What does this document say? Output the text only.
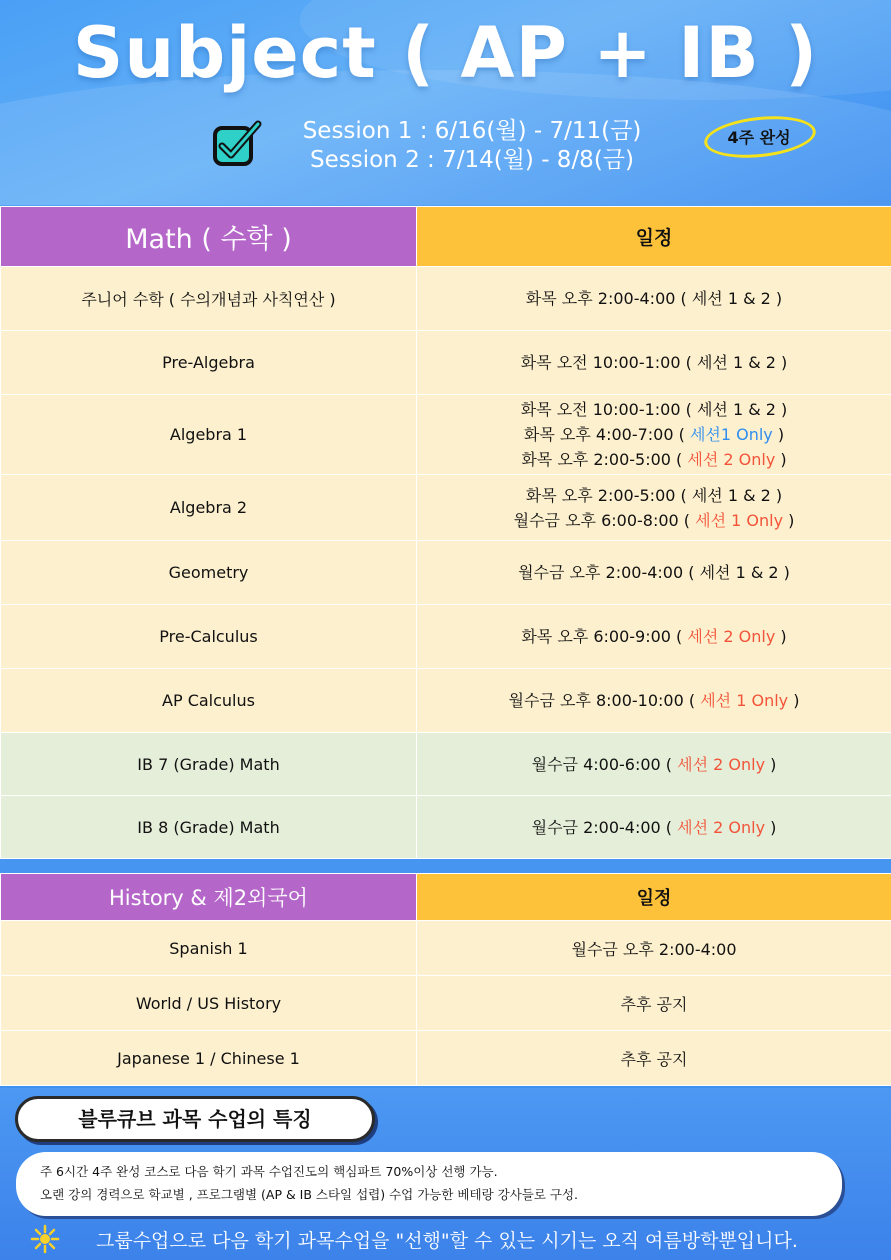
Subject ( AP + IB )
Session 1 : 6/16(월) - 7/11(금)
Session 2 : 7/14(월) - 8/8(금)
4주 완성
Math ( 수학 )	일정
주니어 수학 ( 수의개념과 사칙연산 )	화목 오후 2:00-4:00 ( 세션 1 & 2 )

Pre-Algebra	화목 오전 10:00-1:00 ( 세션 1 & 2 )

Algebra 1	화목 오전 10:00-1:00 ( 세션 1 & 2 )
화목 오후 4:00-7:00 ( 세션1 Only )
화목 오후 2:00-5:00 ( 세션 2 Only )

Algebra 2	화목 오후 2:00-5:00 ( 세션 1 & 2 )
월수금 오후 6:00-8:00 ( 세션 1 Only )

Geometry	월수금 오후 2:00-4:00 ( 세션 1 & 2 )

Pre-Calculus	화목 오후 6:00-9:00 ( 세션 2 Only )

AP Calculus	월수금 오후 8:00-10:00 ( 세션 1 Only )

IB 7 (Grade) Math	월수금 4:00-6:00 ( 세션 2 Only )

IB 8 (Grade) Math	월수금 2:00-4:00 ( 세션 2 Only )
History & 제2외국어	일정
Spanish 1	월수금 오후 2:00-4:00
World / US History	추후 공지
Japanese 1 / Chinese 1	추후 공지
블루큐브 과목 수업의 특징
주 6시간 4주 완성 코스로 다음 학기 과목 수업진도의 핵심파트 70%이상 선행 가능.
오랜 강의 경력으로 학교별 , 프로그램별 (AP & IB 스타일 섭렵) 수업 가능한 베테랑 강사들로 구성.
그룹수업으로 다음 학기 과목수업을 "선행"할 수 있는 시기는 오직 여름방학뿐입니다.
